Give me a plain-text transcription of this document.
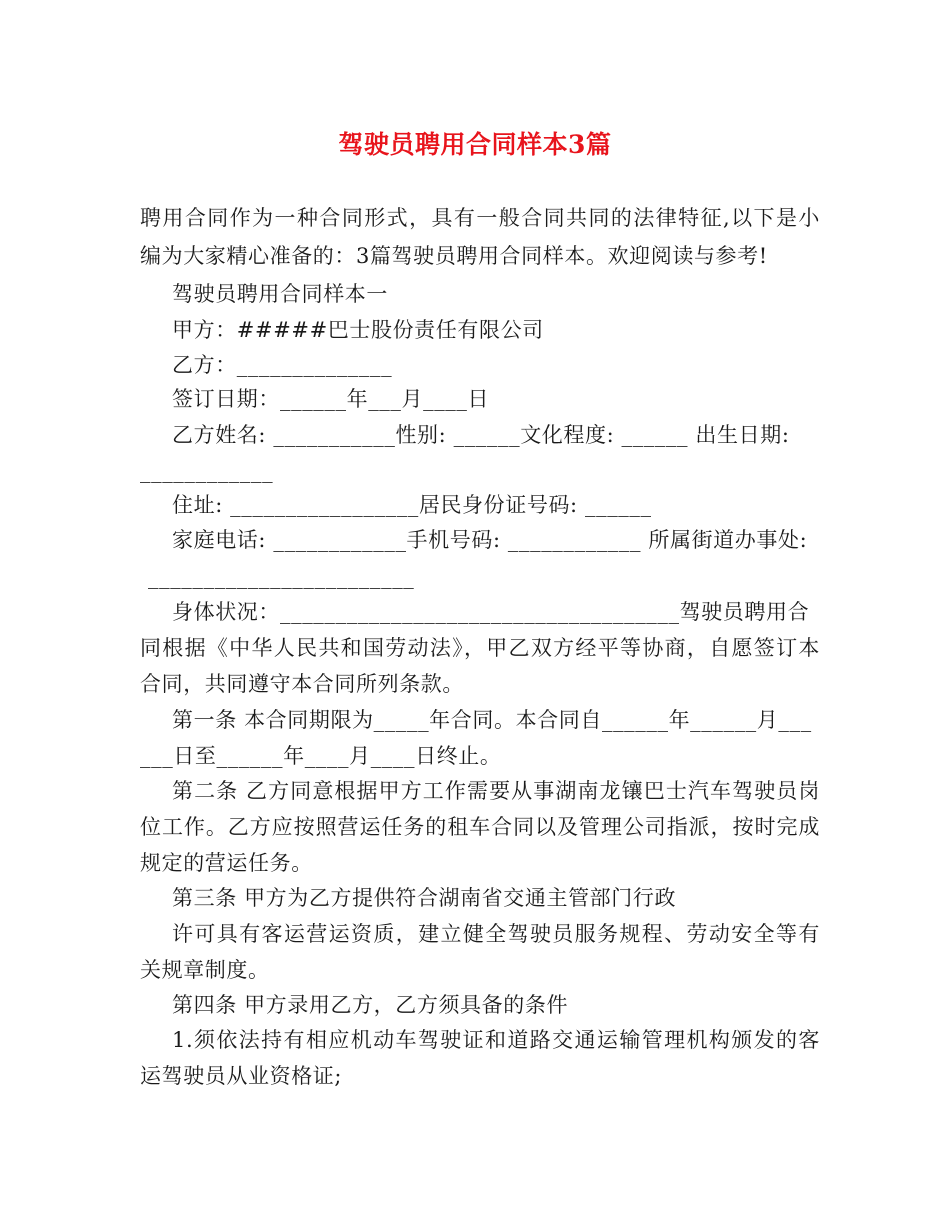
驾驶员聘用合同样本3篇
聘用合同作为一种合同形式，具有一般合同共同的法律特征,以下是小
编为大家精心准备的：3篇驾驶员聘用合同样本。欢迎阅读与参考!
驾驶员聘用合同样本一
甲方：#####巴士股份责任有限公司
乙方：______________
签订日期：______年___月____日
乙方姓名: ___________性别: ______文化程度: ______ 出生日期:
____________
住址: _________________居民身份证号码: ______
家庭电话: ____________手机号码: ____________ 所属街道办事处:
________________________
身体状况：____________________________________驾驶员聘用合
同根据《中华人民共和国劳动法》，甲乙双方经平等协商，自愿签订本
合同，共同遵守本合同所列条款。
第一条 本合同期限为_____年合同。本合同自______年______月___
___日至______年____月____日终止。
第二条 乙方同意根据甲方工作需要从事湖南龙镶巴士汽车驾驶员岗
位工作。乙方应按照营运任务的租车合同以及管理公司指派，按时完成
规定的营运任务。
第三条 甲方为乙方提供符合湖南省交通主管部门行政
许可具有客运营运资质，建立健全驾驶员服务规程、劳动安全等有
关规章制度。
第四条 甲方录用乙方，乙方须具备的条件
1.须依法持有相应机动车驾驶证和道路交通运输管理机构颁发的客
运驾驶员从业资格证;
